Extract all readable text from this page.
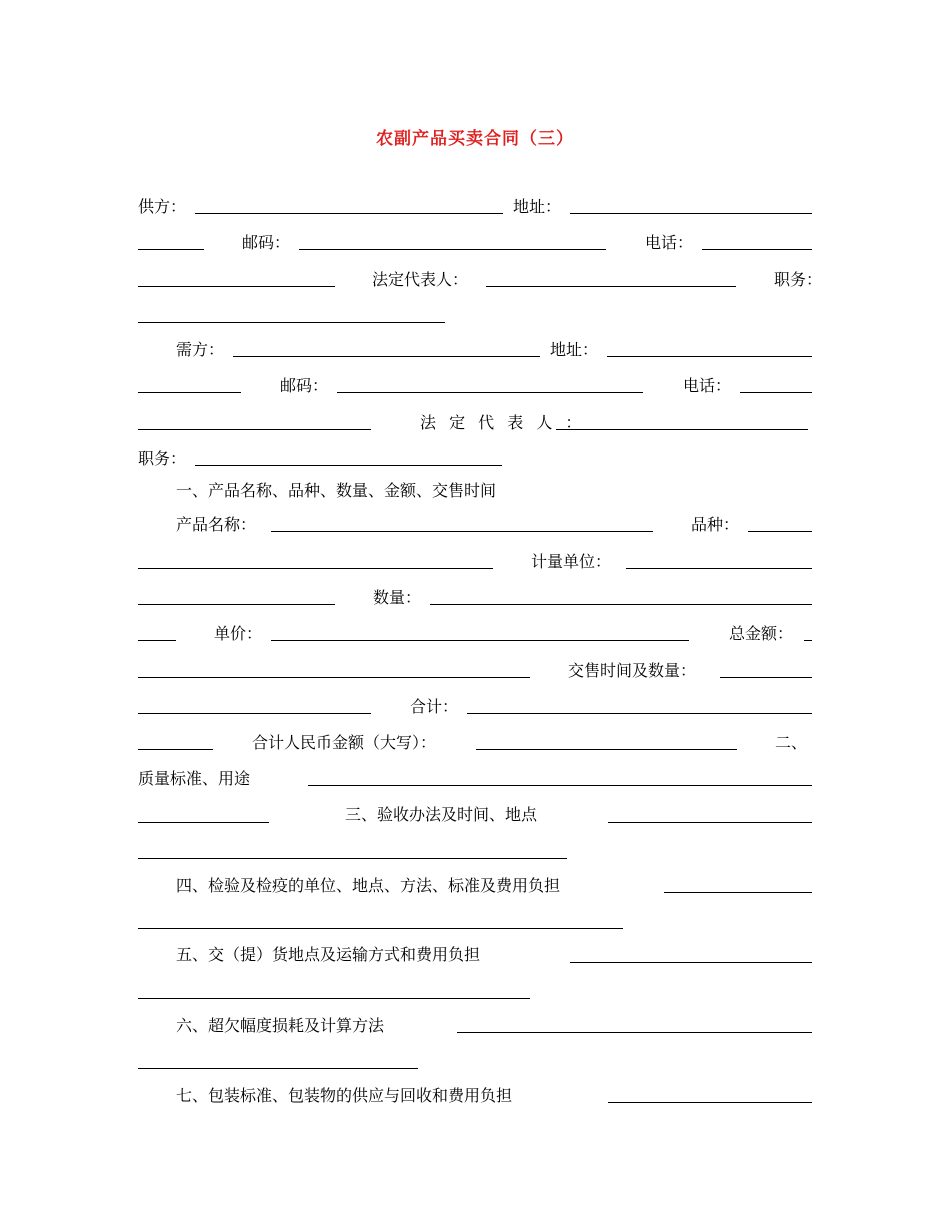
农副产品买卖合同（三）
供方：	地址：
邮码：	电话：
法定代表人：	职务：
需方：	地址：
邮码：	电话：
法 定 代 表 人 ：
职务：
一、产品名称、品种、数量、金额、交售时间
产品名称：	品种：
计量单位：
数量：
单价：	总金额：
交售时间及数量：
合计：
合计人民币金额（大写）：	二、
质量标准、用途
三、验收办法及时间、地点
四、检验及检疫的单位、地点、方法、标准及费用负担
五、交（提）货地点及运输方式和费用负担
六、超欠幅度损耗及计算方法
七、包装标准、包装物的供应与回收和费用负担
